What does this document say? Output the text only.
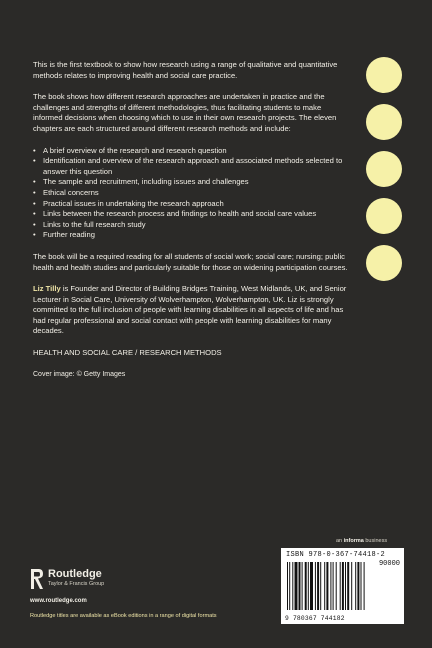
This is the first textbook to show how research using a range of qualitative and quantitative methods relates to improving health and social care practice.

The book shows how different research approaches are undertaken in practice and the challenges and strengths of different methodologies, thus facilitating students to make informed decisions when choosing which to use in their own research projects. The eleven chapters are each structured around different research methods and include:

• A brief overview of the research and research question
• Identification and overview of the research approach and associated methods selected to answer this question
• The sample and recruitment, including issues and challenges
• Ethical concerns
• Practical issues in undertaking the research approach
• Links between the research process and findings to health and social care values
• Links to the full research study
• Further reading

The book will be a required reading for all students of social work; social care; nursing; public health and health studies and particularly suitable for those on widening participation courses.

Liz Tilly is Founder and Director of Building Bridges Training, West Midlands, UK, and Senior Lecturer in Social Care, University of Wolverhampton, Wolverhampton, UK. Liz is strongly committed to the full inclusion of people with learning disabilities in all aspects of life and has had regular professional and social contact with people with learning disabilities for many decades.

HEALTH AND SOCIAL CARE / RESEARCH METHODS

Cover image: © Getty Images

an informa business
ISBN 978-0-367-74418-2
90000
9 780367 744182
Routledge
Taylor & Francis Group
www.routledge.com
Routledge titles are available as eBook editions in a range of digital formats
